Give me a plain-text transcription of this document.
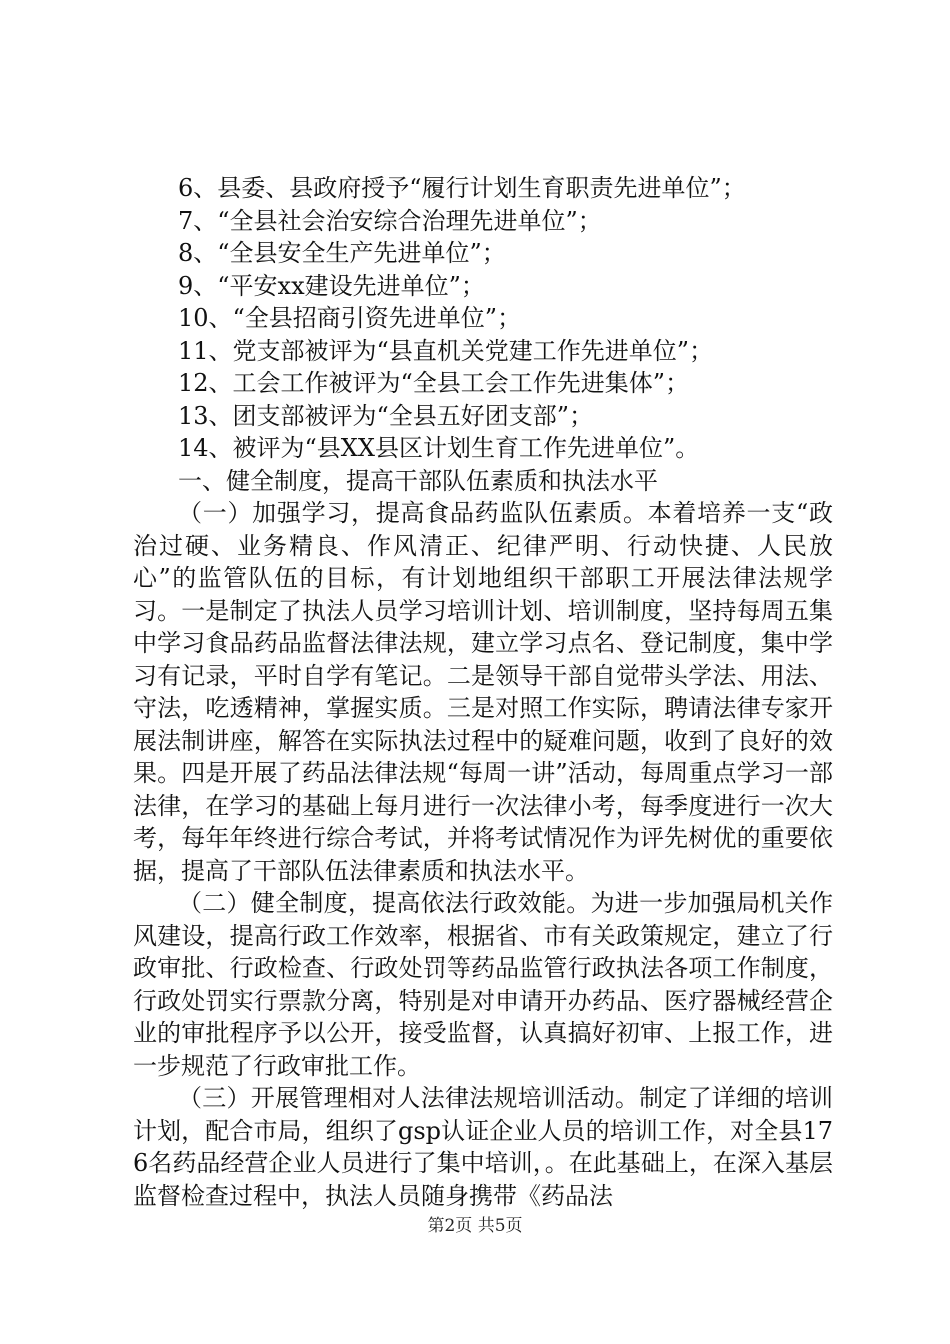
6、县委、县政府授予“履行计划生育职责先进单位”；

7、“全县社会治安综合治理先进单位”；

8、“全县安全生产先进单位”；

9、“平安xx建设先进单位”；

10、“全县招商引资先进单位”；

11、党支部被评为“县直机关党建工作先进单位”；

12、工会工作被评为“全县工会工作先进集体”；

13、团支部被评为“全县五好团支部”；

14、被评为“县XX县区计划生育工作先进单位”。

一、健全制度，提高干部队伍素质和执法水平

（一）加强学习，提高食品药监队伍素质。本着培养一支“政治过硬、业务精良、作风清正、纪律严明、行动快捷、人民放心”的监管队伍的目标，有计划地组织干部职工开展法律法规学习。一是制定了执法人员学习培训计划、培训制度，坚持每周五集中学习食品药品监督法律法规，建立学习点名、登记制度，集中学习有记录，平时自学有笔记。二是领导干部自觉带头学法、用法、守法，吃透精神，掌握实质。三是对照工作实际，聘请法律专家开展法制讲座，解答在实际执法过程中的疑难问题，收到了良好的效果。四是开展了药品法律法规“每周一讲”活动，每周重点学习一部法律，在学习的基础上每月进行一次法律小考，每季度进行一次大考，每年年终进行综合考试，并将考试情况作为评先树优的重要依据，提高了干部队伍法律素质和执法水平。

（二）健全制度，提高依法行政效能。为进一步加强局机关作风建设，提高行政工作效率，根据省、市有关政策规定，建立了行政审批、行政检查、行政处罚等药品监管行政执法各项工作制度，行政处罚实行票款分离，特别是对申请开办药品、医疗器械经营企业的审批程序予以公开，接受监督，认真搞好初审、上报工作，进一步规范了行政审批工作。

（三）开展管理相对人法律法规培训活动。制定了详细的培训计划，配合市局，组织了gsp认证企业人员的培训工作，对全县176名药品经营企业人员进行了集中培训，。在此基础上，在深入基层监督检查过程中，执法人员随身携带《药品法

第2页 共5页
